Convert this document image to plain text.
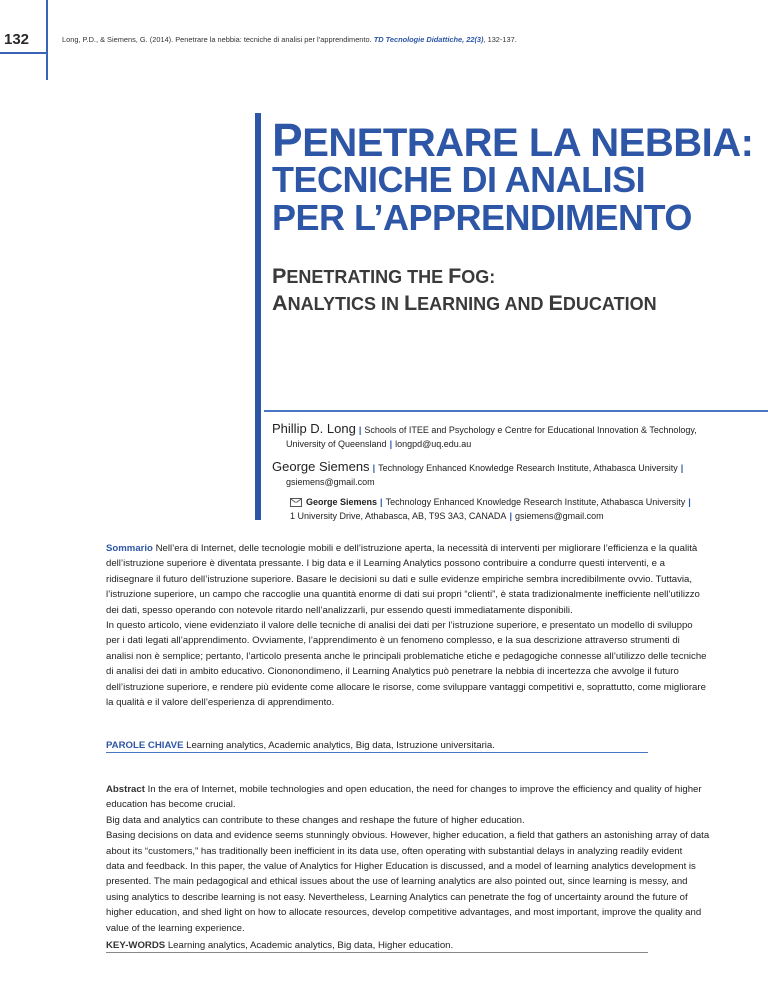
132	Long, P.D., & Siemens, G. (2014). Penetrare la nebbia: tecniche di analisi per l’apprendimento. TD Tecnologie Didattiche, 22(3), 132-137.
PENETRARE LA NEBBIA:
TECNICHE DI ANALISI
PER L’APPRENDIMENTO
PENETRATING THE FOG:
ANALYTICS IN LEARNING AND EDUCATION
Phillip D. Long | Schools of ITEE and Psychology e Centre for Educational Innovation & Technology,
University of Queensland | longpd@uq.edu.au
George Siemens | Technology Enhanced Knowledge Research Institute, Athabasca University |
gsiemens@gmail.com
George Siemens | Technology Enhanced Knowledge Research Institute, Athabasca University |
1 University Drive, Athabasca, AB, T9S 3A3, CANADA | gsiemens@gmail.com
Sommario Nell’era di Internet, delle tecnologie mobili e dell’istruzione aperta, la necessità di interventi per migliorare l’efficienza e la qualità
dell’istruzione superiore è diventata pressante. I big data e il Learning Analytics possono contribuire a condurre questi interventi, e a
ridisegnare il futuro dell’istruzione superiore. Basare le decisioni su dati e sulle evidenze empiriche sembra incredibilmente ovvio. Tuttavia,
l’istruzione superiore, un campo che raccoglie una quantità enorme di dati sui propri “clienti”, è stata tradizionalmente inefficiente nell’utilizzo
dei dati, spesso operando con notevole ritardo nell’analizzarli, pur essendo questi immediatamente disponibili.
In questo articolo, viene evidenziato il valore delle tecniche di analisi dei dati per l’istruzione superiore, e presentato un modello di sviluppo
per i dati legati all’apprendimento. Ovviamente, l’apprendimento è un fenomeno complesso, e la sua descrizione attraverso strumenti di
analisi non è semplice; pertanto, l’articolo presenta anche le principali problematiche etiche e pedagogiche connesse all’utilizzo delle tecniche
di analisi dei dati in ambito educativo. Ciononondimeno, il Learning Analytics può penetrare la nebbia di incertezza che avvolge il futuro
dell’istruzione superiore, e rendere più evidente come allocare le risorse, come sviluppare vantaggi competitivi e, soprattutto, come migliorare
la qualità e il valore dell’esperienza di apprendimento.
PAROLE CHIAVE Learning analytics, Academic analytics, Big data, Istruzione universitaria.
Abstract In the era of Internet, mobile technologies and open education, the need for changes to improve the efficiency and quality of higher
education has become crucial.
Big data and analytics can contribute to these changes and reshape the future of higher education.
Basing decisions on data and evidence seems stunningly obvious. However, higher education, a field that gathers an astonishing array of data
about its “customers,” has traditionally been inefficient in its data use, often operating with substantial delays in analyzing readily evident
data and feedback. In this paper, the value of Analytics for Higher Education is discussed, and a model of learning analytics development is
presented. The main pedagogical and ethical issues about the use of learning analytics are also pointed out, since learning is messy, and
using analytics to describe learning is not easy. Nevertheless, Learning Analytics can penetrate the fog of uncertainty around the future of
higher education, and shed light on how to allocate resources, develop competitive advantages, and most important, improve the quality and
value of the learning experience.
KEY-WORDS Learning analytics, Academic analytics, Big data, Higher education.
